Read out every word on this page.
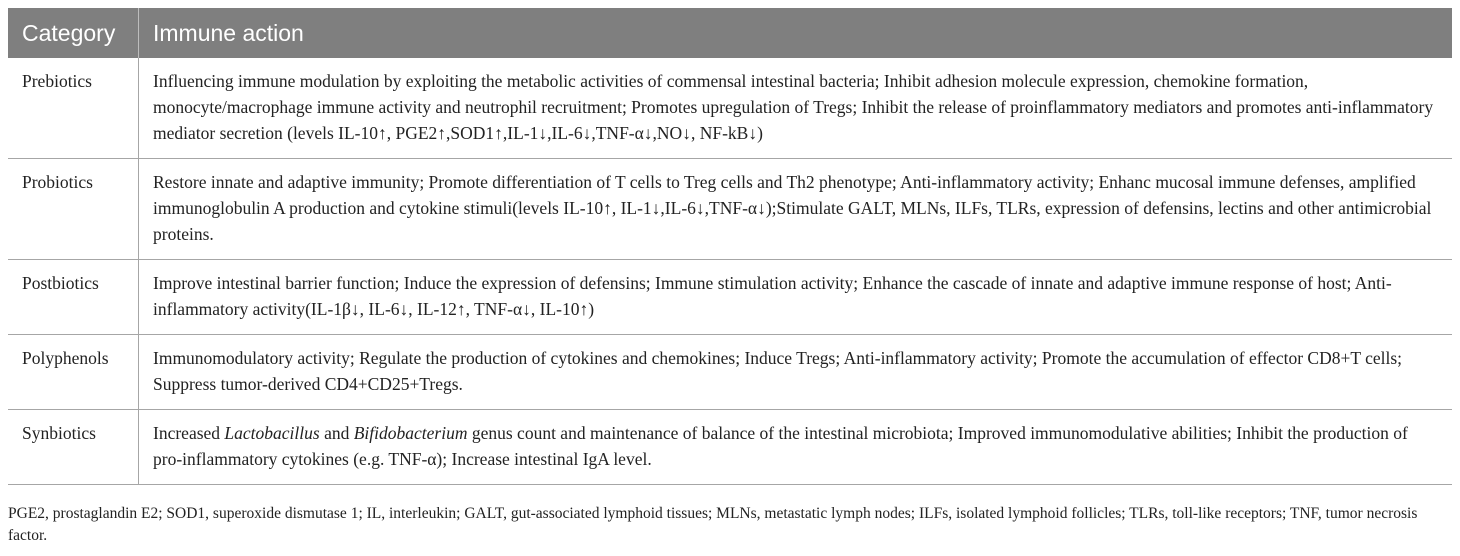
Category	Immune action
Prebiotics	Influencing immune modulation by exploiting the metabolic activities of commensal intestinal bacteria; Inhibit adhesion molecule expression, chemokine formation, monocyte/macrophage immune activity and neutrophil recruitment; Promotes upregulation of Tregs; Inhibit the release of proinflammatory mediators and promotes anti-inflammatory mediator secretion (levels IL-10↑, PGE2↑,SOD1↑,IL-1↓,IL-6↓,TNF-α↓,NO↓, NF-kB↓)
Probiotics	Restore innate and adaptive immunity; Promote differentiation of T cells to Treg cells and Th2 phenotype; Anti-inflammatory activity; Enhanc mucosal immune defenses, amplified immunoglobulin A production and cytokine stimuli(levels IL-10↑, IL-1↓,IL-6↓,TNF-α↓);Stimulate GALT, MLNs, ILFs, TLRs, expression of defensins, lectins and other antimicrobial proteins.
Postbiotics	Improve intestinal barrier function; Induce the expression of defensins; Immune stimulation activity; Enhance the cascade of innate and adaptive immune response of host; Anti-inflammatory activity(IL-1β↓, IL-6↓, IL-12↑, TNF-α↓, IL-10↑)
Polyphenols	Immunomodulatory activity; Regulate the production of cytokines and chemokines; Induce Tregs; Anti-inflammatory activity; Promote the accumulation of effector CD8+T cells; Suppress tumor-derived CD4+CD25+Tregs.
Synbiotics	Increased Lactobacillus and Bifidobacterium genus count and maintenance of balance of the intestinal microbiota; Improved immunomodulative abilities; Inhibit the production of pro-inflammatory cytokines (e.g. TNF-α); Increase intestinal IgA level.
PGE2, prostaglandin E2; SOD1, superoxide dismutase 1; IL, interleukin; GALT, gut-associated lymphoid tissues; MLNs, metastatic lymph nodes; ILFs, isolated lymphoid follicles; TLRs, toll-like receptors; TNF, tumor necrosis factor.
